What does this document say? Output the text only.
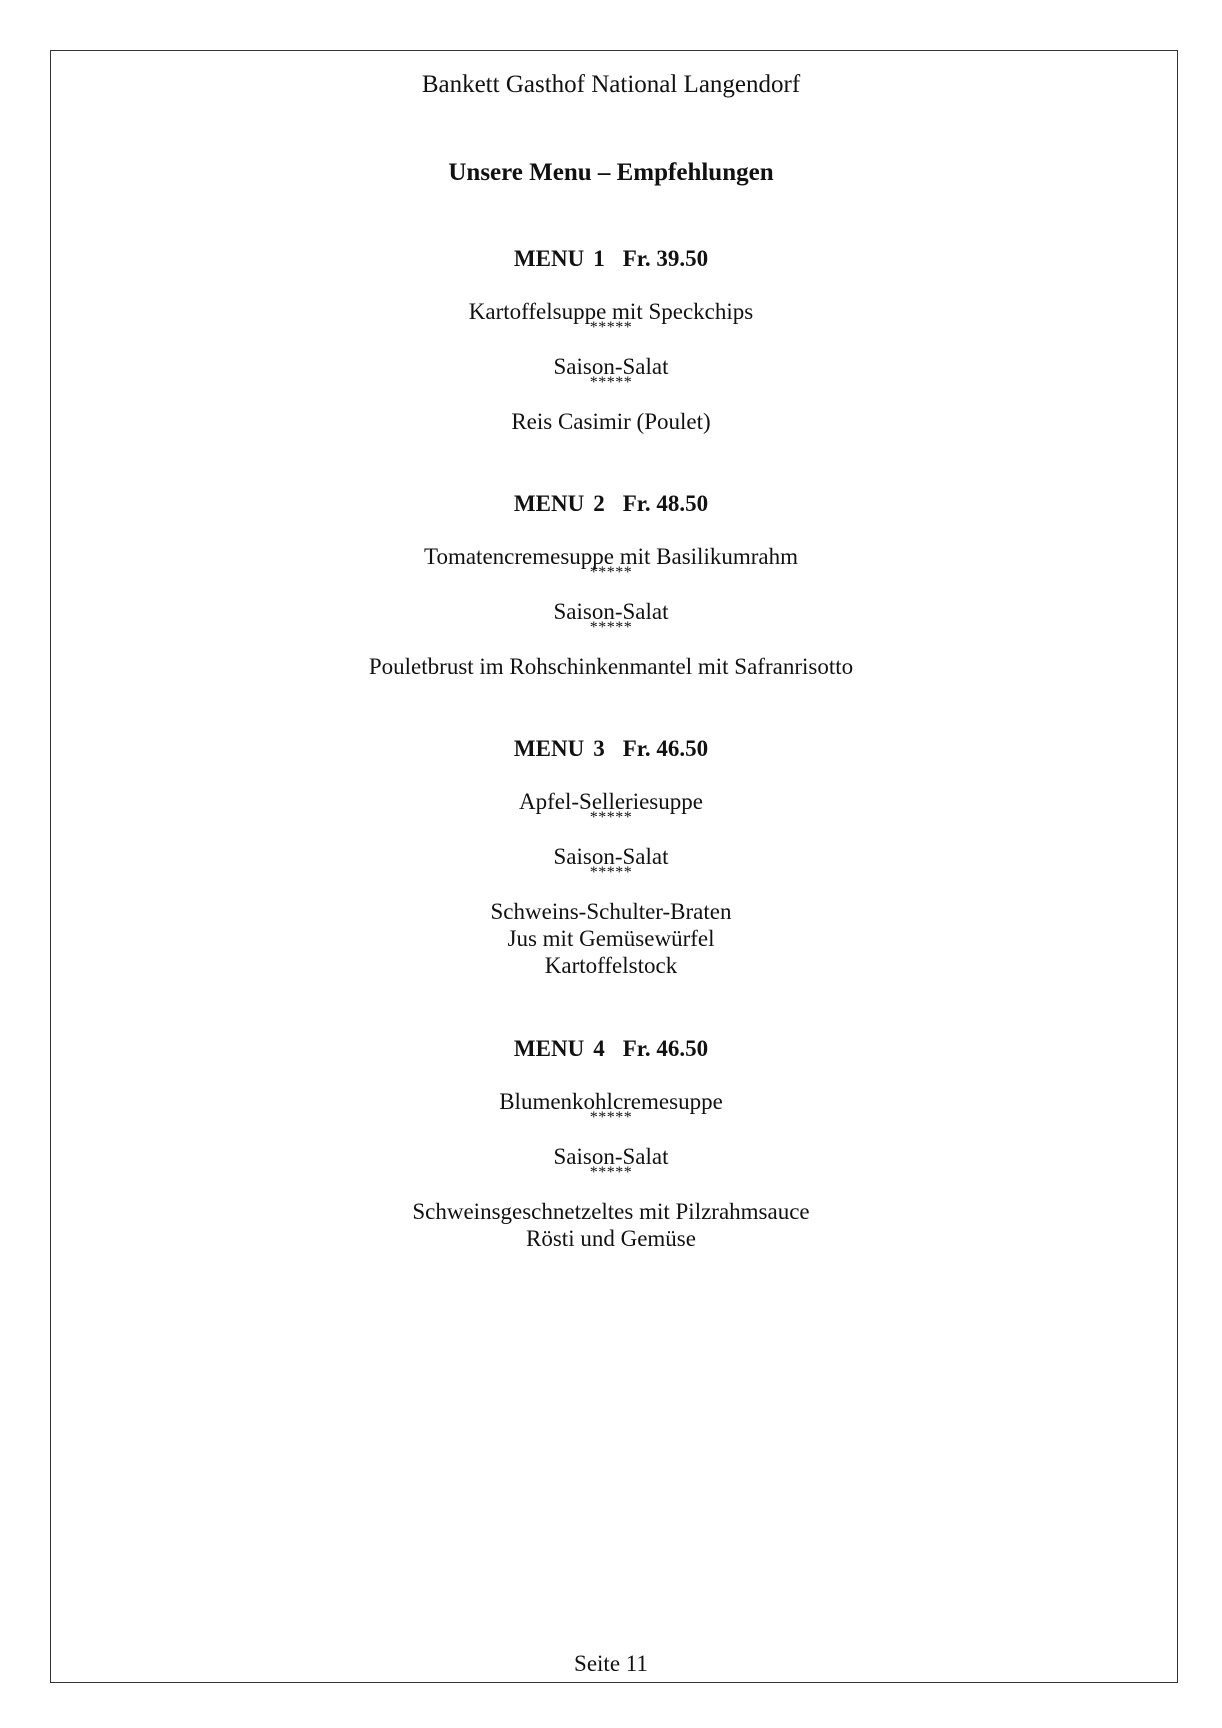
Bankett Gasthof National Langendorf
Unsere Menu – Empfehlungen

MENU 1 Fr. 39.50

Kartoffelsuppe mit Speckchips

*****

Saison-Salat

*****

Reis Casimir (Poulet)

MENU 2 Fr. 48.50

Tomatencremesuppe mit Basilikumrahm

*****

Saison-Salat

*****

Pouletbrust im Rohschinkenmantel mit Safranrisotto

MENU 3 Fr. 46.50

Apfel-Selleriesuppe

*****

Saison-Salat

*****

Schweins-Schulter-Braten

Jus mit Gemüsewürfel

Kartoffelstock

MENU 4 Fr. 46.50

Blumenkohlcremesuppe

*****

Saison-Salat

*****

Schweinsgeschnetzeltes mit Pilzrahmsauce

Rösti und Gemüse

Seite 11
